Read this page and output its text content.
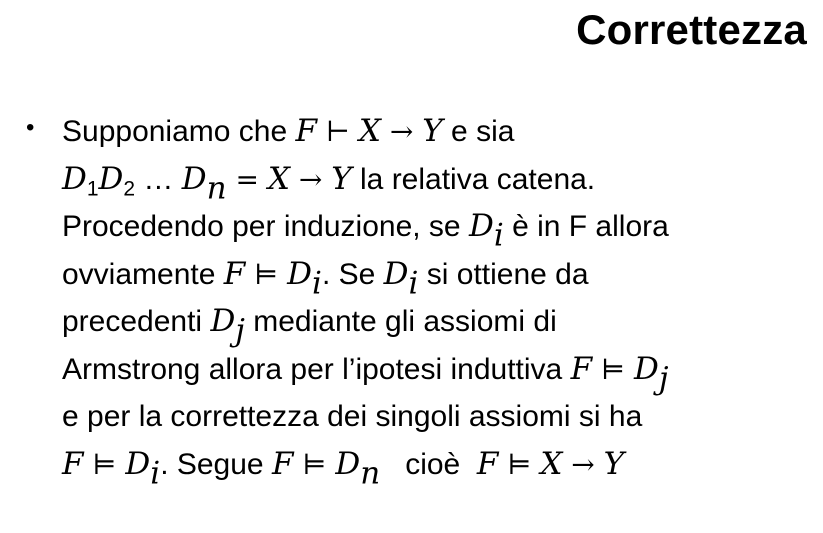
Correttezza
• Supponiamo che F ⊢ X → Y e sia
$D_1D_2$ … $D_n = X \to Y$ la relativa catena.
Procedendo per induzione, se $D_i$ è in F allora
ovviamente F ⊨ $D_i$. Se $D_i$ si ottiene da
precedenti $D_j$ mediante gli assiomi di
Armstrong allora per l’ipotesi induttiva F ⊨ $D_j$
e per la correttezza dei singoli assiomi si ha
F ⊨ $D_i$. Segue F ⊨ $D_n$   cioè  F ⊨ X → Y
